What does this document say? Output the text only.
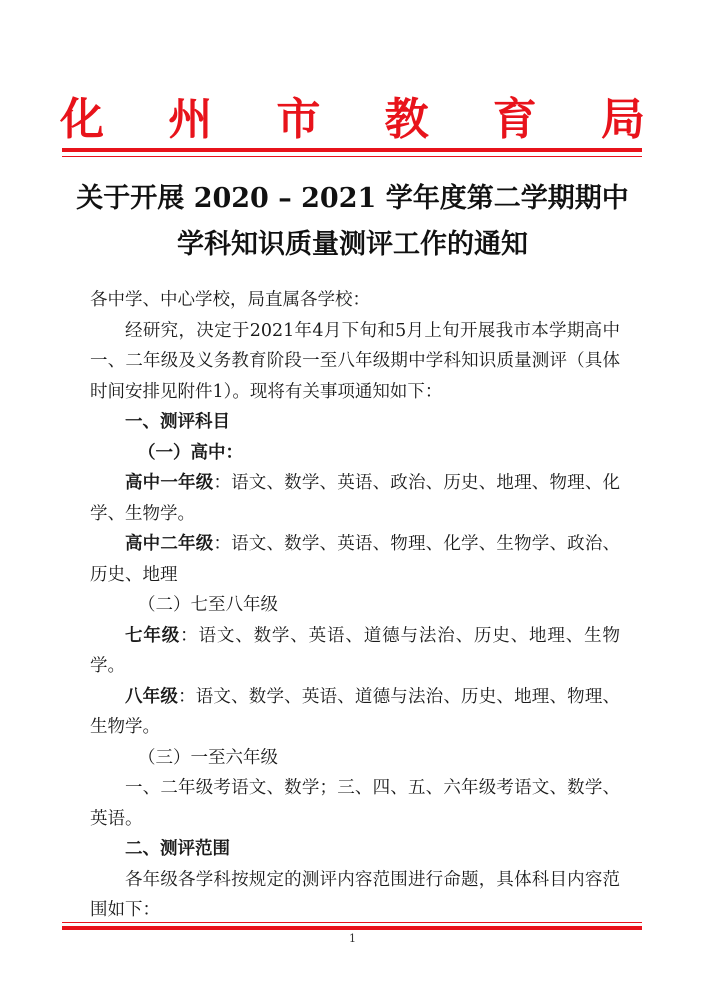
化 州 市 教 育 局
关于开展 2020 – 2021 学年度第二学期期中
学科知识质量测评工作的通知

各中学、中心学校，局直属各学校：

经研究，决定于2021年4月下旬和5月上旬开展我市本学期高中一、二年级及义务教育阶段一至八年级期中学科知识质量测评（具体时间安排见附件1）。现将有关事项通知如下：

一、测评科目

（一）高中：

高中一年级：语文、数学、英语、政治、历史、地理、物理、化学、生物学。

高中二年级：语文、数学、英语、物理、化学、生物学、政治、历史、地理

（二）七至八年级

七年级：语文、数学、英语、道德与法治、历史、地理、生物学。

八年级：语文、数学、英语、道德与法治、历史、地理、物理、生物学。

（三）一至六年级

一、二年级考语文、数学；三、四、五、六年级考语文、数学、英语。

二、测评范围

各年级各学科按规定的测评内容范围进行命题，具体科目内容范围如下：

1
